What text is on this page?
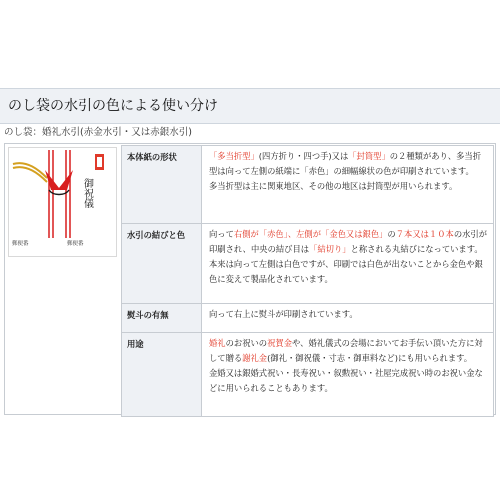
のし袋の水引の色による使い分け
のし袋：婚礼水引(赤金水引・又は赤銀水引)
御祝儀
郵便番	郵便番
本体紙の形状	「多当折型」(四方折り・四つ手)又は「封筒型」の２種類があり、多当折型は向って左側の紙端に「赤色」の細幅線状の色が印刷されています。
多当折型は主に関東地区、その他の地区は封筒型が用いられます。

水引の結びと色	向って右側が「赤色」、左側が「金色又は銀色」の７本又は１０本の水引が印刷され、中央の結び目は「結切り」と称される丸結びになっています。
本来は向って左側は白色ですが、印刷では白色が出ないことから金色や銀色に変えて製品化されています。

熨斗の有無	向って右上に熨斗が印刷されています。

用途	婚礼のお祝いの祝賀金や、婚礼儀式の会場においてお手伝い頂いた方に対して贈る謝礼金(御礼・御祝儀・寸志・御車料など)にも用いられます。
金婚又は銀婚式祝い・長寿祝い・叙勲祝い・社屋完成祝い時のお祝い金などに用いられることもあります。
